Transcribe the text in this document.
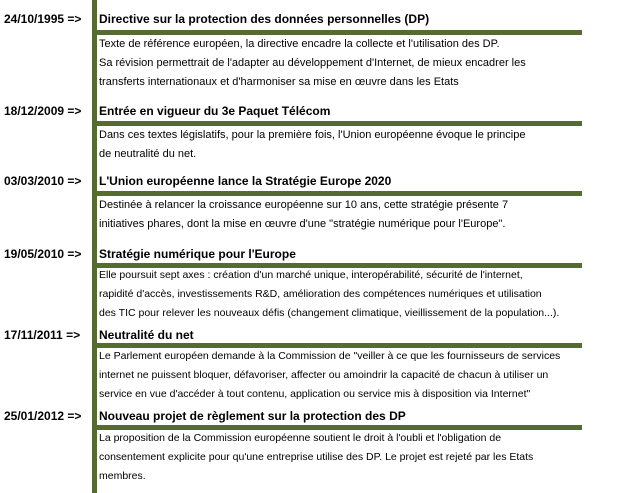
24/10/1995 => Directive sur la protection des données personnelles (DP)
Texte de référence européen, la directive encadre la collecte et l'utilisation des DP.
Sa révision permettrait de l'adapter au développement d'Internet, de mieux encadrer les
transferts internationaux et d'harmoniser sa mise en œuvre dans les Etats
18/12/2009 => Entrée en vigueur du 3e Paquet Télécom
Dans ces textes législatifs, pour la première fois, l'Union européenne évoque le principe
de neutralité du net.
03/03/2010 => L'Union européenne lance la Stratégie Europe 2020
Destinée à relancer la croissance européenne sur 10 ans, cette stratégie présente 7
initiatives phares, dont la mise en œuvre d'une "stratégie numérique pour l'Europe".
19/05/2010 => Stratégie numérique pour l'Europe
Elle poursuit sept axes : création d'un marché unique, interopérabilité, sécurité de l'internet,
rapidité d'accès, investissements R&D, amélioration des compétences numériques et utilisation
des TIC pour relever les nouveaux défis (changement climatique, vieillissement de la population...).
17/11/2011 => Neutralité du net
Le Parlement européen demande à la Commission de "veiller à ce que les fournisseurs de services
internet ne puissent bloquer, défavoriser, affecter ou amoindrir la capacité de chacun à utiliser un
service en vue d'accéder à tout contenu, application ou service mis à disposition via Internet"
25/01/2012 => Nouveau projet de règlement sur la protection des DP
La proposition de la Commission européenne soutient le droit à l'oubli et l'obligation de
consentement explicite pour qu'une entreprise utilise des DP. Le projet est rejeté par les Etats
membres.
